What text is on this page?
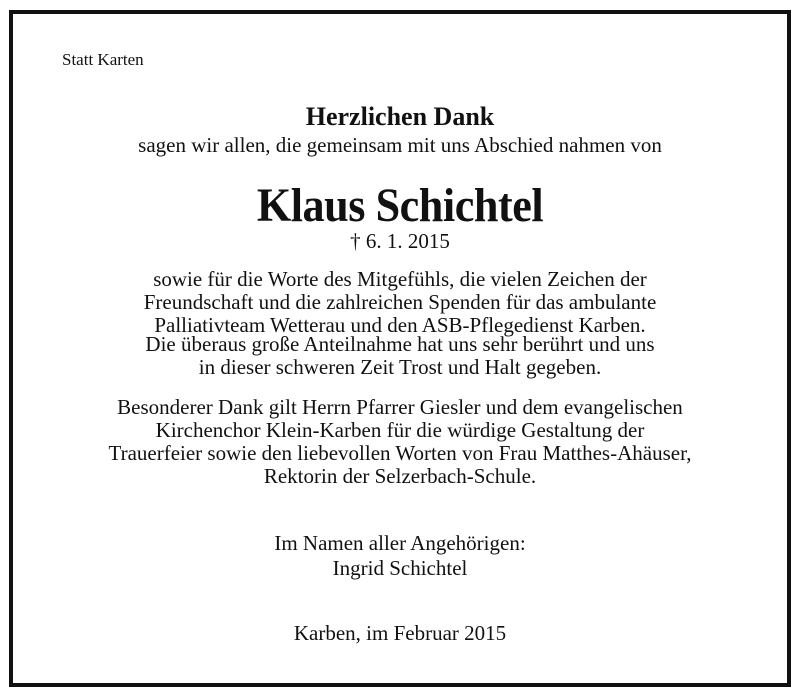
Statt Karten
Herzlichen Dank
sagen wir allen, die gemeinsam mit uns Abschied nahmen von
Klaus Schichtel
† 6. 1. 2015
sowie für die Worte des Mitgefühls, die vielen Zeichen der
Freundschaft und die zahlreichen Spenden für das ambulante
Palliativteam Wetterau und den ASB-Pflegedienst Karben.
Die überaus große Anteilnahme hat uns sehr berührt und uns
in dieser schweren Zeit Trost und Halt gegeben.
Besonderer Dank gilt Herrn Pfarrer Giesler und dem evangelischen
Kirchenchor Klein-Karben für die würdige Gestaltung der
Trauerfeier sowie den liebevollen Worten von Frau Matthes-Ahäuser,
Rektorin der Selzerbach-Schule.
Im Namen aller Angehörigen:
Ingrid Schichtel
Karben, im Februar 2015
